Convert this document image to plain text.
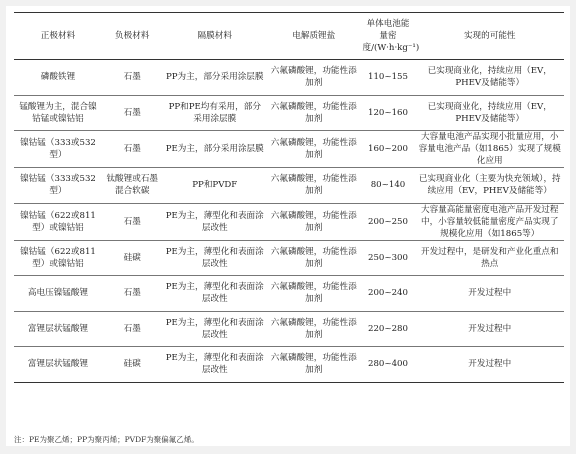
正极材料	负极材料	隔膜材料	电解质锂盐	单体电池能量密度/(W·h·kg⁻¹)	实现的可能性
磷酸铁锂	石墨	PP为主，部分采用涂层膜	六氟磷酸锂，功能性添加剂	110~155	已实现商业化，持续应用（EV，PHEV及储能等）
锰酸锂为主，混合镍钴锰或镍钴铝	石墨	PP和PE均有采用，部分采用涂层膜	六氟磷酸锂，功能性添加剂	120~160	已实现商业化，持续应用（EV，PHEV及储能等）
镍钴锰（333或532型）	石墨	PE为主，部分采用涂层膜	六氟磷酸锂，功能性添加剂	160~200	大容量电池产品实现小批量应用，小容量电池产品（如1865）实现了规模化应用
镍钴锰（333或532型）	钛酸锂或石墨混合软碳	PP和PVDF	六氟磷酸锂，功能性添加剂	80~140	已实现商业化（主要为快充领域），持续应用（EV，PHEV及储能等）
镍钴锰（622或811型）或镍钴铝	石墨	PE为主，薄型化和表面涂层改性	六氟磷酸锂，功能性添加剂	200~250	大容量高能量密度电池产品开发过程中，小容量较低能量密度产品实现了规模化应用（如1865等）
镍钴锰（622或811型）或镍钴铝	硅碳	PE为主，薄型化和表面涂层改性	六氟磷酸锂，功能性添加剂	250~300	开发过程中，是研发和产业化重点和热点
高电压镍锰酸锂	石墨	PE为主，薄型化和表面涂层改性	六氟磷酸锂，功能性添加剂	200~240	开发过程中
富锂层状锰酸锂	石墨	PE为主，薄型化和表面涂层改性	六氟磷酸锂，功能性添加剂	220~280	开发过程中
富锂层状锰酸锂	硅碳	PE为主，薄型化和表面涂层改性	六氟磷酸锂，功能性添加剂	280~400	开发过程中
注：PE为聚乙烯；PP为聚丙烯；PVDF为聚偏氟乙烯。
